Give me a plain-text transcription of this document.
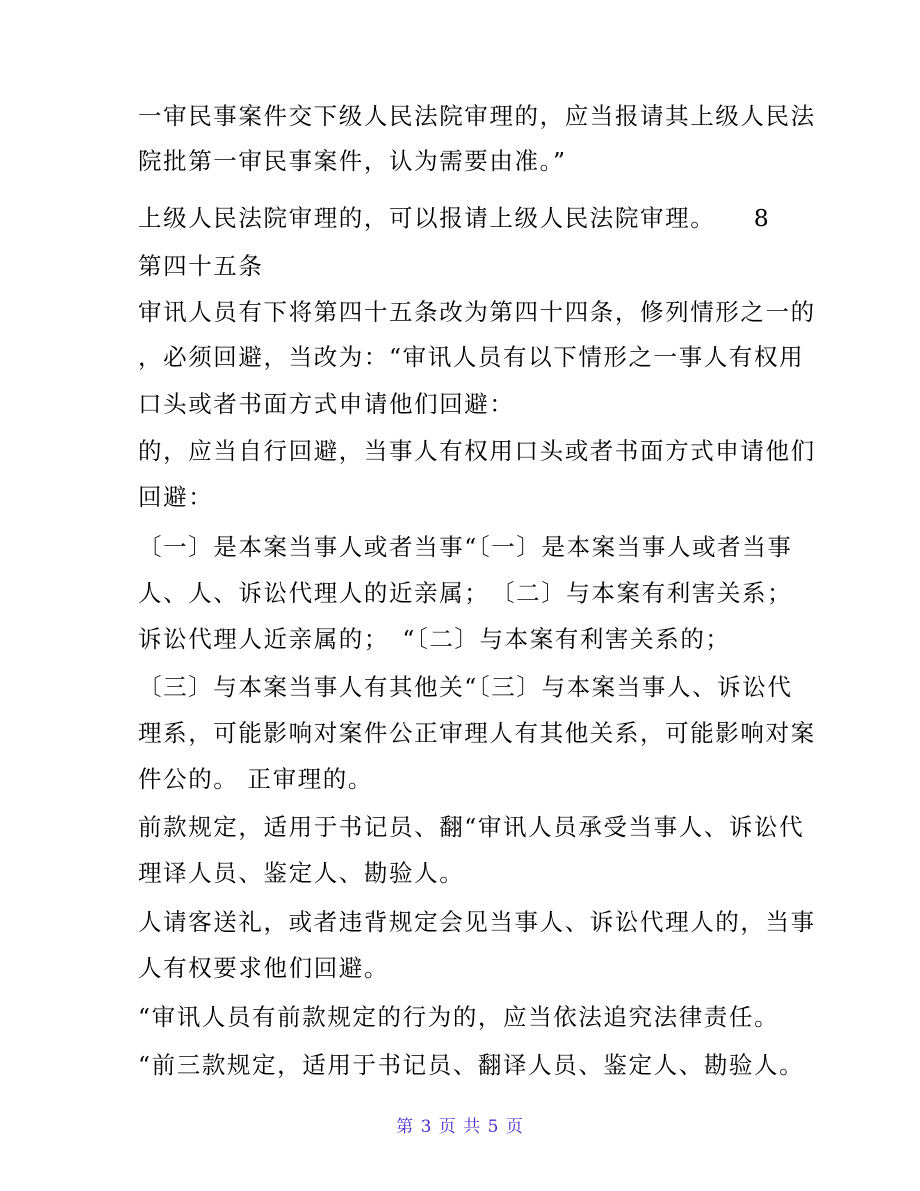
一审民事案件交下级人民法院审理的，应当报请其上级人民法
院批第一审民事案件，认为需要由准。”
上级人民法院审理的，可以报请上级人民法院审理。　　8
第四十五条
审讯人员有下将第四十五条改为第四十四条，修列情形之一的
，必须回避，当改为：“审讯人员有以下情形之一事人有权用
口头或者书面方式申请他们回避：
的，应当自行回避，当事人有权用口头或者书面方式申请他们
回避：
〔一〕是本案当事人或者当事“〔一〕是本案当事人或者当事
人、人、诉讼代理人的近亲属；　〔二〕与本案有利害关系；
诉讼代理人近亲属的；　“〔二〕与本案有利害关系的；
〔三〕与本案当事人有其他关“〔三〕与本案当事人、诉讼代
理系，可能影响对案件公正审理人有其他关系，可能影响对案
件公的。 正审理的。
前款规定，适用于书记员、翻“审讯人员承受当事人、诉讼代
理译人员、鉴定人、勘验人。
人请客送礼，或者违背规定会见当事人、诉讼代理人的，当事
人有权要求他们回避。
“审讯人员有前款规定的行为的，应当依法追究法律责任。
“前三款规定，适用于书记员、翻译人员、鉴定人、勘验人。
第 3 页 共 5 页
